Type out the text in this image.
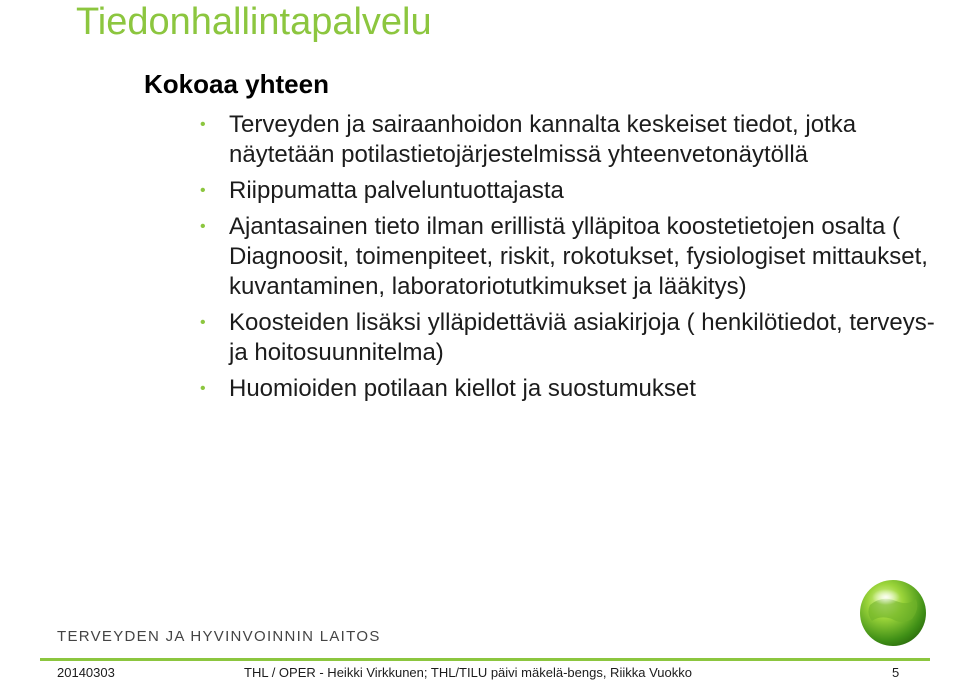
Tiedonhallintapalvelu
Kokoaa yhteen
• Terveyden ja sairaanhoidon kannalta keskeiset tiedot, jotka näytetään potilastietojärjestelmissä yhteenvetonäytöllä
• Riippumatta palveluntuottajasta
• Ajantasainen tieto ilman erillistä ylläpitoa koostetietojen osalta ( Diagnoosit, toimenpiteet, riskit, rokotukset, fysiologiset mittaukset, kuvantaminen, laboratoriotutkimukset ja lääkitys)
• Koosteiden lisäksi ylläpidettäviä asiakirjoja ( henkilötiedot, terveys- ja hoitosuunnitelma)
• Huomioiden potilaan kiellot ja suostumukset
TERVEYDEN JA HYVINVOINNIN LAITOS
20140303	THL / OPER - Heikki Virkkunen; THL/TILU päivi mäkelä-bengs, Riikka Vuokko	5
